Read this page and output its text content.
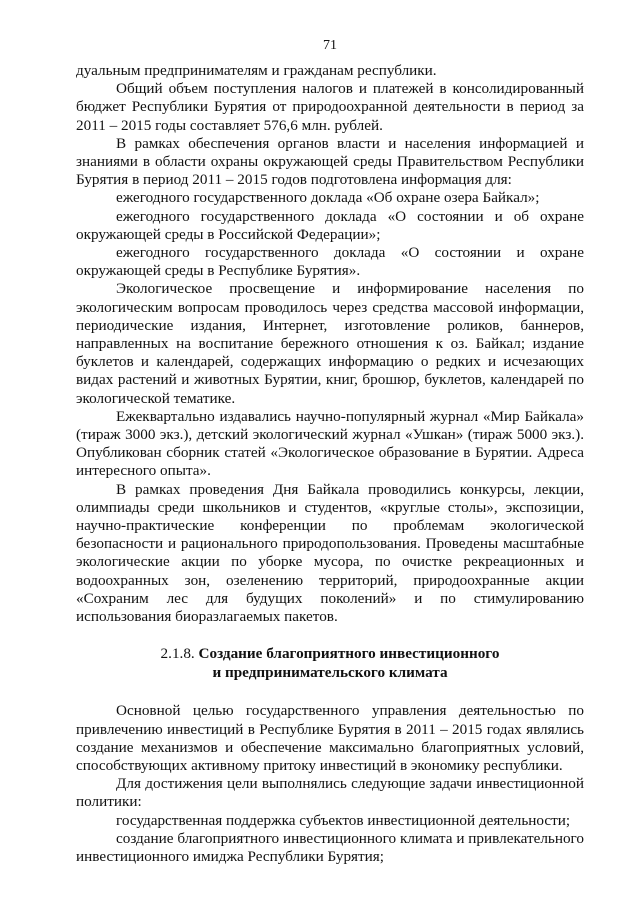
71

дуальным предпринимателям и гражданам республики.

Общий объем поступления налогов и платежей в консолидированный бюджет Республики Бурятия от природоохранной деятельности в период за 2011 – 2015 годы составляет 576,6 млн. рублей.

В рамках обеспечения органов власти и населения информацией и знаниями в области охраны окружающей среды Правительством Республики Бурятия в период 2011 – 2015 годов подготовлена информация для:

ежегодного государственного доклада «Об охране озера Байкал»;

ежегодного государственного доклада «О состоянии и об охране окружающей среды в Российской Федерации»;

ежегодного государственного доклада «О состоянии и охране окружающей среды в Республике Бурятия».

Экологическое просвещение и информирование населения по экологическим вопросам проводилось через средства массовой информации, периодические издания, Интернет, изготовление роликов, баннеров, направленных на воспитание бережного отношения к оз. Байкал; издание буклетов и календарей, содержащих информацию о редких и исчезающих видах растений и животных Бурятии, книг, брошюр, буклетов, календарей по экологической тематике.

Ежеквартально издавались научно-популярный журнал «Мир Байкала» (тираж 3000 экз.), детский экологический журнал «Ушкан» (тираж 5000 экз.). Опубликован сборник статей «Экологическое образование в Бурятии. Адреса интересного опыта».

В рамках проведения Дня Байкала проводились конкурсы, лекции, олимпиады среди школьников и студентов, «круглые столы», экспозиции, научно-практические конференции по проблемам экологической безопасности и рационального природопользования. Проведены масштабные экологические акции по уборке мусора, по очистке рекреационных и водоохранных зон, озеленению территорий, природоохранные акции «Сохраним лес для будущих поколений» и по стимулированию использования биоразлагаемых пакетов.

2.1.8. Создание благоприятного инвестиционного
и предпринимательского климата

Основной целью государственного управления деятельностью по привлечению инвестиций в Республике Бурятия в 2011 – 2015 годах являлись создание механизмов и обеспечение максимально благоприятных условий, способствующих активному притоку инвестиций в экономику республики.

Для достижения цели выполнялись следующие задачи инвестиционной политики:

государственная поддержка субъектов инвестиционной деятельности;

создание благоприятного инвестиционного климата и привлекательного инвестиционного имиджа Республики Бурятия;
